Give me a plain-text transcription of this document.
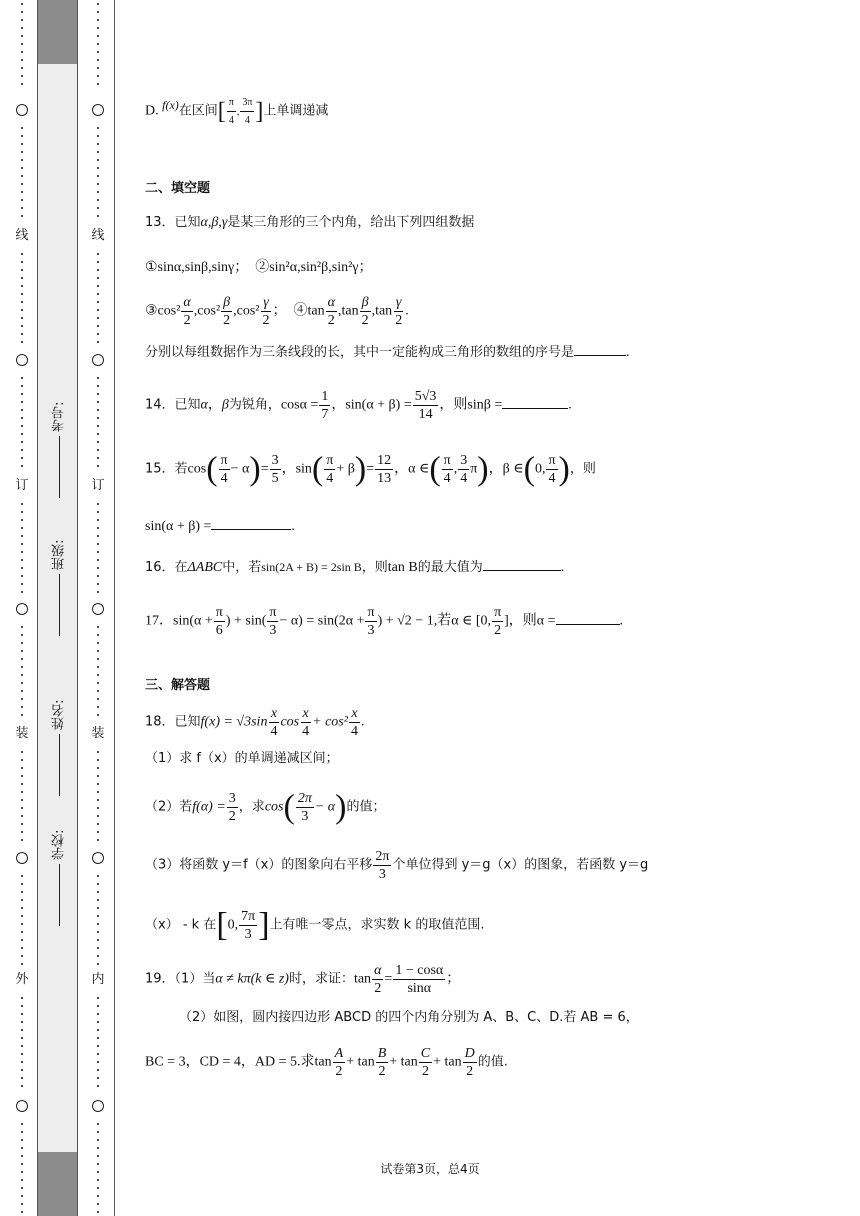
线
订
装
外
考号:
班级:
姓名:
学校:
线
订
装
内
D. f(x)在区间[ $\frac{\pi}{4}$ , $\frac{3\pi}{4}$ ]上单调递减
二、填空题
13．已知α,β,γ是某三角形的三个内角，给出下列四组数据
①sinα,sinβ,sinγ； ②sin²α,sin²β,sin²γ；
③cos² $\frac{\alpha}{2} ,\cos^2 \frac{\beta}{2} ,\cos^2 \frac{\gamma}{2}$ ； ④tan $\frac{\alpha}{2} ,\tan \frac{\beta}{2} ,\tan \frac{\gamma}{2}$ .
分别以每组数据作为三条线段的长，其中一定能构成三角形的数组的序号是	.
14．已知α，β为锐角，$\cos\alpha = \frac{1}{7}$ ，$\sin(\alpha + \beta) = \frac{5√3}{14}$ ，则sinβ =	.
15．若$\cos( \frac{\pi}{4} - \alpha)= \frac{3}{5}$ ，$\sin( \frac{\pi}{4} + \beta)= \frac{12}{13}$ ，α ∈( $\frac{\pi}{4}$ , $\frac{3}{4} \pi$)，β ∈(0, $\frac{\pi}{4}$ )，则
sin(α + β) =	.
16．在ΔABC中，若sin(2A + B) = 2sin B，则tan B的最大值为	.
17．$\sin(\alpha + \frac{\pi}{6}$ ) + $\sin( \frac{\pi}{3} - \alpha) = \sin(2\alpha + \frac{\pi}{3}$ ) + √2 − 1,若α ∈ [0, $\frac{\pi}{2}$ ]，则α =	.
三、解答题
18．已知$f(x) = √3\sin \frac{x}{4}$ $\cos \frac{x}{4} + \cos^2 \frac{x}{4}$ .
（1）求 f（x）的单调递减区间；
（2）若$f(\alpha) = \frac{3}{2}$ ，求$\cos( \frac{2\pi}{3} - \alpha)$的值；
（3）将函数 y＝f（x）的图象向右平移 $\frac{2\pi}{3}$ 个单位得到 y＝g（x）的图象，若函数 y＝g
（x） - k 在[0, $\frac{7\pi}{3}$ ]上有唯一零点，求实数 k 的取值范围.
19．（1）当α ≠ kπ(k ∈ z)时，求证：$\tan \frac{\alpha}{2} = \frac{1 - \cos\alpha}{\sin\alpha}$ ；
（2）如图，圆内接四边形 ABCD 的四个内角分别为 A、B、C、D.若 AB = 6，
BC = 3，CD = 4，AD = 5.求$\tan \frac{A}{2} + \tan \frac{B}{2} + \tan \frac{C}{2} + \tan \frac{D}{2}$ 的值.
试卷第3页，总4页
